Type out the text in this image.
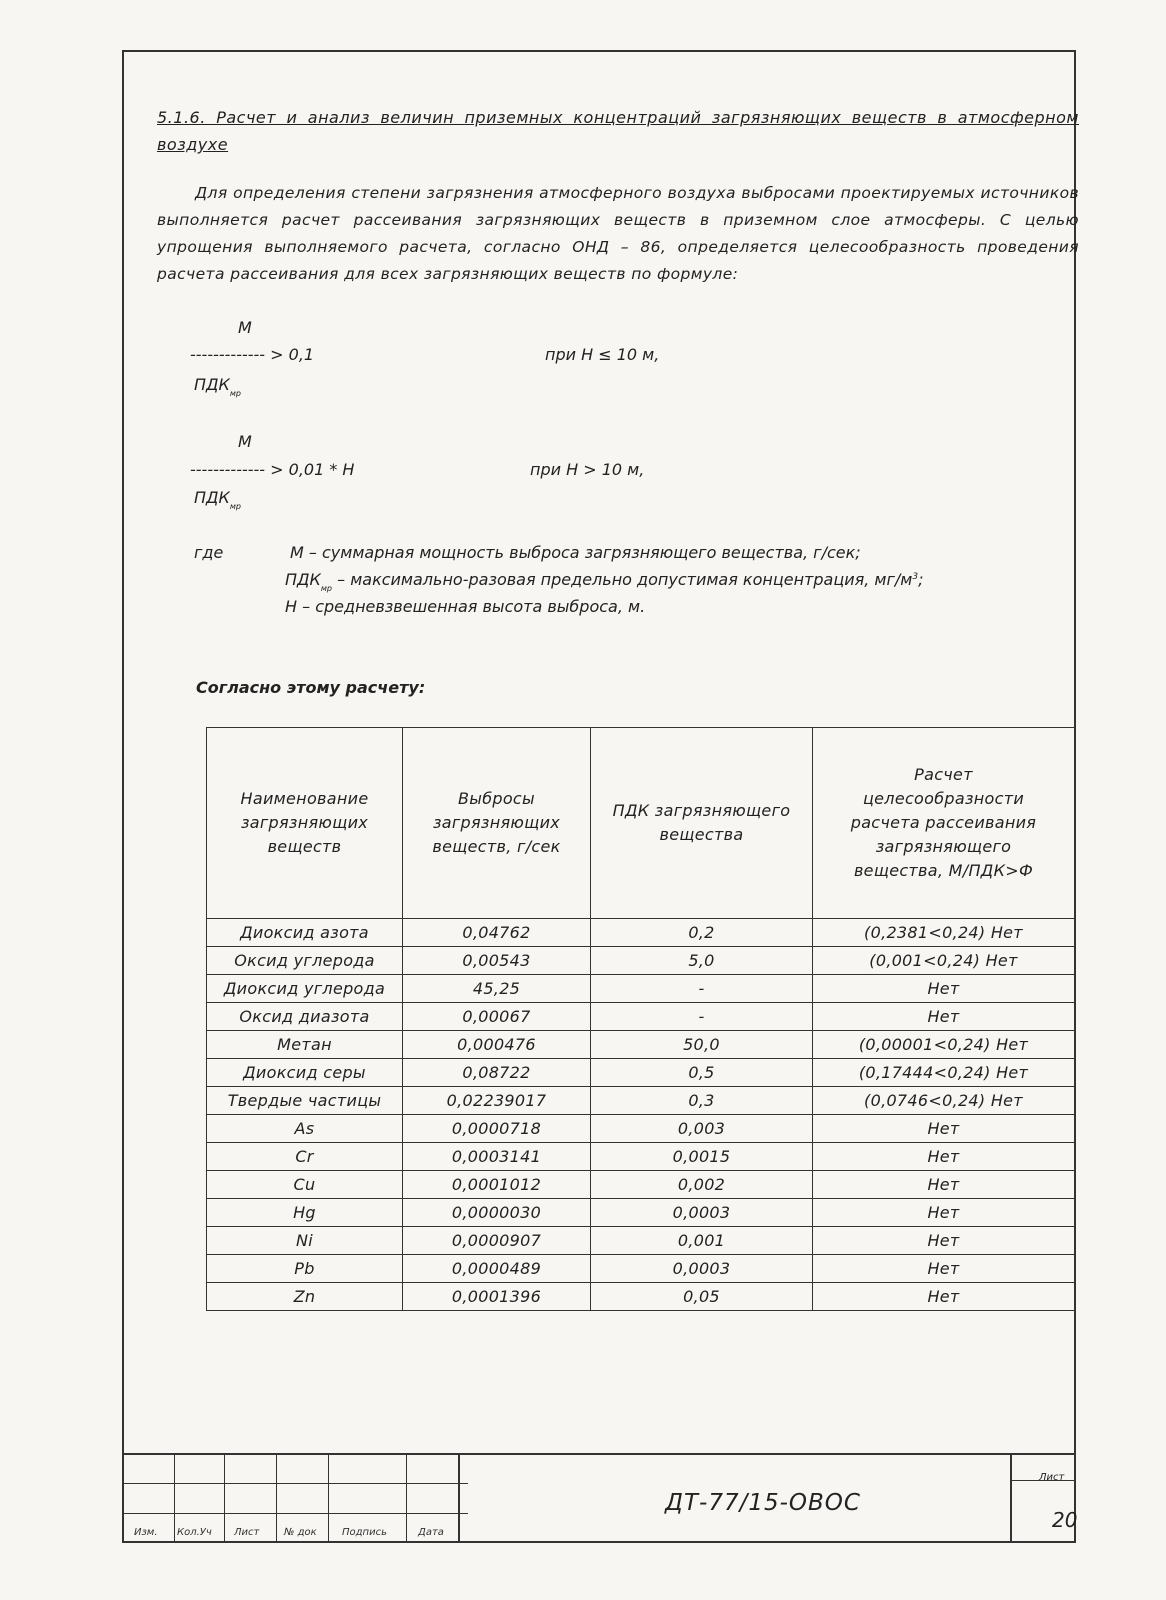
5.1.6. Расчет и анализ величин приземных концентраций загрязняющих веществ в атмосферном воздухе
Для определения степени загрязнения атмосферного воздуха выбросами проектируемых источников выполняется расчет рассеивания загрязняющих веществ в приземном слое атмосферы. С целью упрощения выполняемого расчета, согласно ОНД – 86, определяется целесообразность проведения расчета рассеивания для всех загрязняющих веществ по формуле:
M
------------- > 0,1	при H ≤ 10 м,
$ПДК_{мр}$
M
------------- > 0,01 * H	при H > 10 м,
$ПДК_{мр}$
где	M – суммарная мощность выброса загрязняющего вещества, г/сек;
$ПДК_{мр}$ – максимально-разовая предельно допустимая концентрация, $мг/м^3$;
H – средневзвешенная высота выброса, м.
Согласно этому расчету:
Наименование загрязняющих веществ	Выбросы загрязняющих веществ, г/сек	ПДК загрязняющего вещества	Расчет целесообразности расчета рассеивания загрязняющего вещества, М/ПДК>Ф
Диоксид азота	0,04762	0,2	(0,2381<0,24) Нет
Оксид углерода	0,00543	5,0	(0,001<0,24) Нет
Диоксид углерода	45,25	-	Нет
Оксид диазота	0,00067	-	Нет
Метан	0,000476	50,0	(0,00001<0,24) Нет
Диоксид серы	0,08722	0,5	(0,17444<0,24) Нет
Твердые частицы	0,02239017	0,3	(0,0746<0,24) Нет
As	0,0000718	0,003	Нет
Cr	0,0003141	0,0015	Нет
Cu	0,0001012	0,002	Нет
Hg	0,0000030	0,0003	Нет
Ni	0,0000907	0,001	Нет
Pb	0,0000489	0,0003	Нет
Zn	0,0001396	0,05	Нет
Изм. Кол.Уч Лист № док	Подпись	Дата
ДТ-77/15-ОВОС
Лист
20
